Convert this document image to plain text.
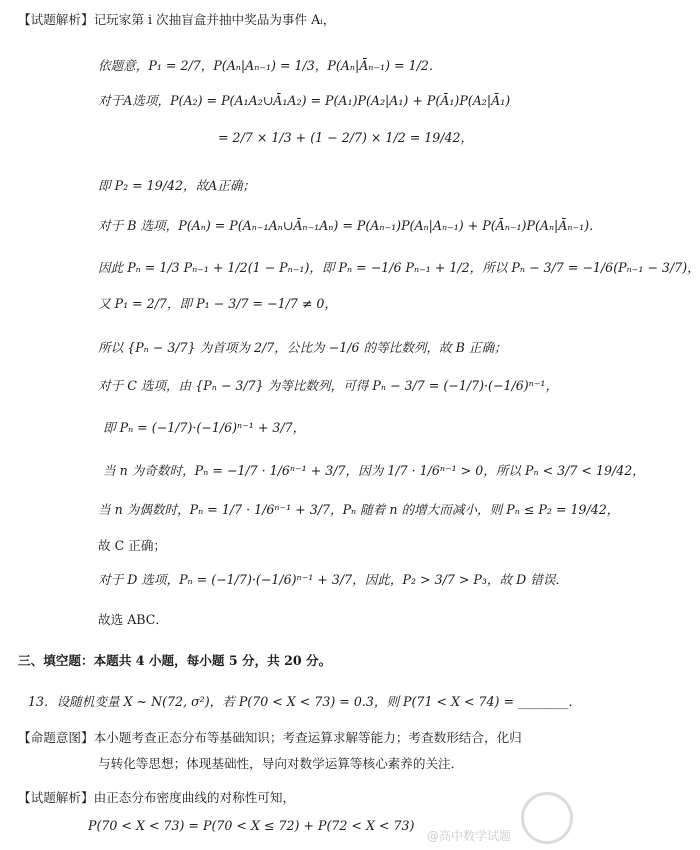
【试题解析】记玩家第 i 次抽盲盒并抽中奖品为事件 Aᵢ，
依题意，P₁ = 2/7，P(Aₙ|Aₙ₋₁) = 1/3，P(Aₙ|Āₙ₋₁) = 1/2．
对于A选项，P(A₂) = P(A₁A₂∪Ā₁A₂) = P(A₁)P(A₂|A₁) + P(Ā₁)P(A₂|Ā₁)
= 2/7 × 1/3 + (1 − 2/7) × 1/2 = 19/42，
即 P₂ = 19/42，故A正确；
对于 B 选项，P(Aₙ) = P(Aₙ₋₁Aₙ∪Āₙ₋₁Aₙ) = P(Aₙ₋₁)P(Aₙ|Aₙ₋₁) + P(Āₙ₋₁)P(Aₙ|Āₙ₋₁)．
因此 Pₙ = 1/3 Pₙ₋₁ + 1/2(1 − Pₙ₋₁)，即 Pₙ = −1/6 Pₙ₋₁ + 1/2，所以 Pₙ − 3/7 = −1/6(Pₙ₋₁ − 3/7)，
又 P₁ = 2/7，即 P₁ − 3/7 = −1/7 ≠ 0，
所以 {Pₙ − 3/7} 为首项为 2/7，公比为 −1/6 的等比数列，故 B 正确；
对于 C 选项，由 {Pₙ − 3/7} 为等比数列，可得 Pₙ − 3/7 = (−1/7)·(−1/6)ⁿ⁻¹，
即 Pₙ = (−1/7)·(−1/6)ⁿ⁻¹ + 3/7，
当 n 为奇数时，Pₙ = −1/7 · 1/6ⁿ⁻¹ + 3/7，因为 1/7 · 1/6ⁿ⁻¹ > 0，所以 Pₙ < 3/7 < 19/42，
当 n 为偶数时，Pₙ = 1/7 · 1/6ⁿ⁻¹ + 3/7，Pₙ 随着 n 的增大而减小，则 Pₙ ≤ P₂ = 19/42，
故 C 正确；
对于 D 选项，Pₙ = (−1/7)·(−1/6)ⁿ⁻¹ + 3/7，因此，P₂ > 3/7 > P₃，故 D 错误．
故选 ABC．
三、填空题：本题共 4 小题，每小题 5 分，共 20 分。
13．设随机变量 X ~ N(72, σ²)，若 P(70 < X < 73) = 0.3，则 P(71 < X < 74) = ________．
【命题意图】本小题考查正态分布等基础知识；考查运算求解等能力；考查数形结合，化归
与转化等思想；体现基础性，导向对数学运算等核心素养的关注．
【试题解析】由正态分布密度曲线的对称性可知，
P(70 < X < 73) = P(70 < X ≤ 72) + P(72 < X < 73)
@高中数学试题
